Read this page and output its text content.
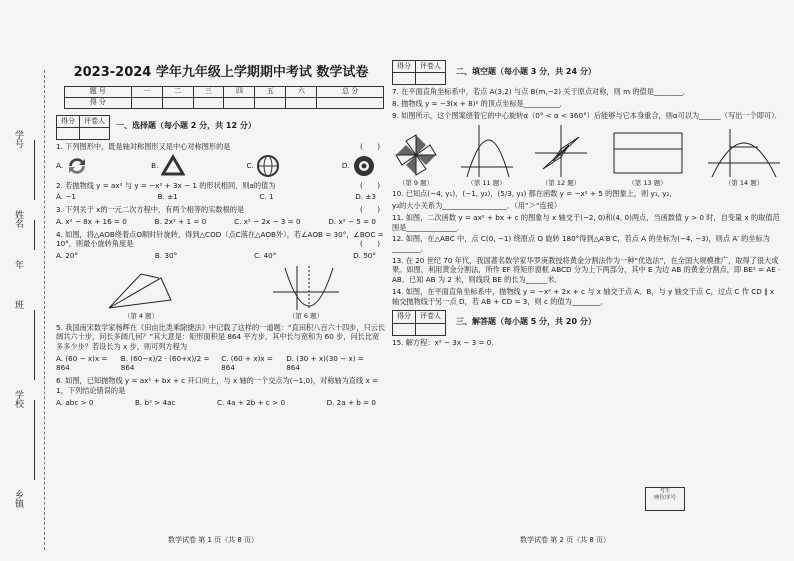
学号
姓名
年
班
学校
乡镇
2023-2024 学年九年级上学期期中考试 数学试卷
题 号	一	二	三	四	五	六	总 分
得 分							
得分	评卷人

一、选择题（每小题 2 分，共 12 分）
1. 下列图形中，既是轴对称图形又是中心对称图形的是	(　　)
A.	B.	C.	D.
2. 若抛物线 y = ax² 与 y = −x² + 3x − 1 的形状相同，则a的值为	(　　)
A. −1	B. ±1	C. 1	D. ±3
3. 下列关于 x的一元二次方程中，有两个相等的实数根的是	(　　)
A. x² − 8x + 16 = 0	B. 2x² + 1 = 0	C. x² − 2x − 3 = 0	D. x² − 5 = 0
4. 如图，将△AOB绕着点O顺时针旋转，得到△COD（点C落在△AOB外），若∠AOB = 30°，∠BOC = 10°，则最小旋转角度是	(　　)
A. 20°	B. 30°	C. 40°	D. 50°
（第 4 题）	（第 6 题）
5. 我国南宋数学家杨辉在《田亩比类乘除捷法》中记载了这样的一道题：“直田积八百六十四步，只云长阔共六十步，问长多阔几何？”其大意是：矩形面积是 864 平方步，其中长与宽和为 60 步，问长比宽多多少步？若设长为 x 步，则可列方程为
A. (60 − x)x = 864
B. (60−x)/2 · (60+x)/2 = 864
C. (60 + x)x = 864
D. (30 + x)(30 − x) = 864
6. 如图，已知抛物线 y = ax² + bx + c 开口向上，与 x 轴的一个交点为(−1,0)，对称轴为直线 x = 1，下列结论错误的是
A. abc > 0	B. b² > 4ac	C. 4a + 2b + c > 0	D. 2a + b = 0
得分	评卷人

二、填空题（每小题 3 分，共 24 分）
7. 在平面直角坐标系中，若点 A(3,2) 与点 B(m,−2) 关于原点对称，则 m 的值是________．
8. 抛物线 y = −3(x + 8)² 的顶点坐标是__________．
9. 如图所示，这个图案绕着它的中心旋转α（0° < α < 360°）后能够与它本身重合，则α可以为______（写出一个即可）．
（第 9 题）	（第 11 题）	（第 12 题）	（第 13 题）	（第 14 题）
10. 已知点(−4, y₁)，(−1, y₂)，(5/3, y₃) 都在函数 y = −x² + 5 的图象上，则 y₁, y₂,
y₃的大小关系为__________________．（用“＞”连接）
11. 如图，二次函数 y = ax² + bx + c 的图象与 x 轴交于(−2, 0)和(4, 0)两点，当函数值 y > 0 时，自变量 x 的取值范围是______________．
12. 如图，在△ABC 中，点 C(0, −1) 绕原点 O 旋转 180°得到△A′B′C，若点 A 的坐标为(−4, −3)，则点 A′ 的坐标为________．
13. 在 20 世纪 70 年代，我国著名数学家华罗庚教授将黄金分割法作为一种“优选法”，在全国大规模推广，取得了很大成果。如图，利用黄金分割法，所作 EF 将矩形窗框 ABCD 分为上下两部分，其中 E 为边 AB 的黄金分割点，即 BE² = AE · AB．已知 AB 为 2 米，则线段 BE 的长为______米．
14. 如图，在平面直角坐标系中，抛物线 y = −x² + 2x + c 与 x 轴交于点 A、B，与 y 轴交于点 C，过点 C 作 CD ∥ x 轴交抛物线于另一点 D，若 AB + CD = 3，则 c 的值为________．
得分	评卷人

三、解答题（每小题 5 分，共 20 分）
15. 解方程：x² − 3x − 3 = 0．
考生
座位序号
数学试卷 第 1 页（共 8 页）	数学试卷 第 2 页（共 8 页）
